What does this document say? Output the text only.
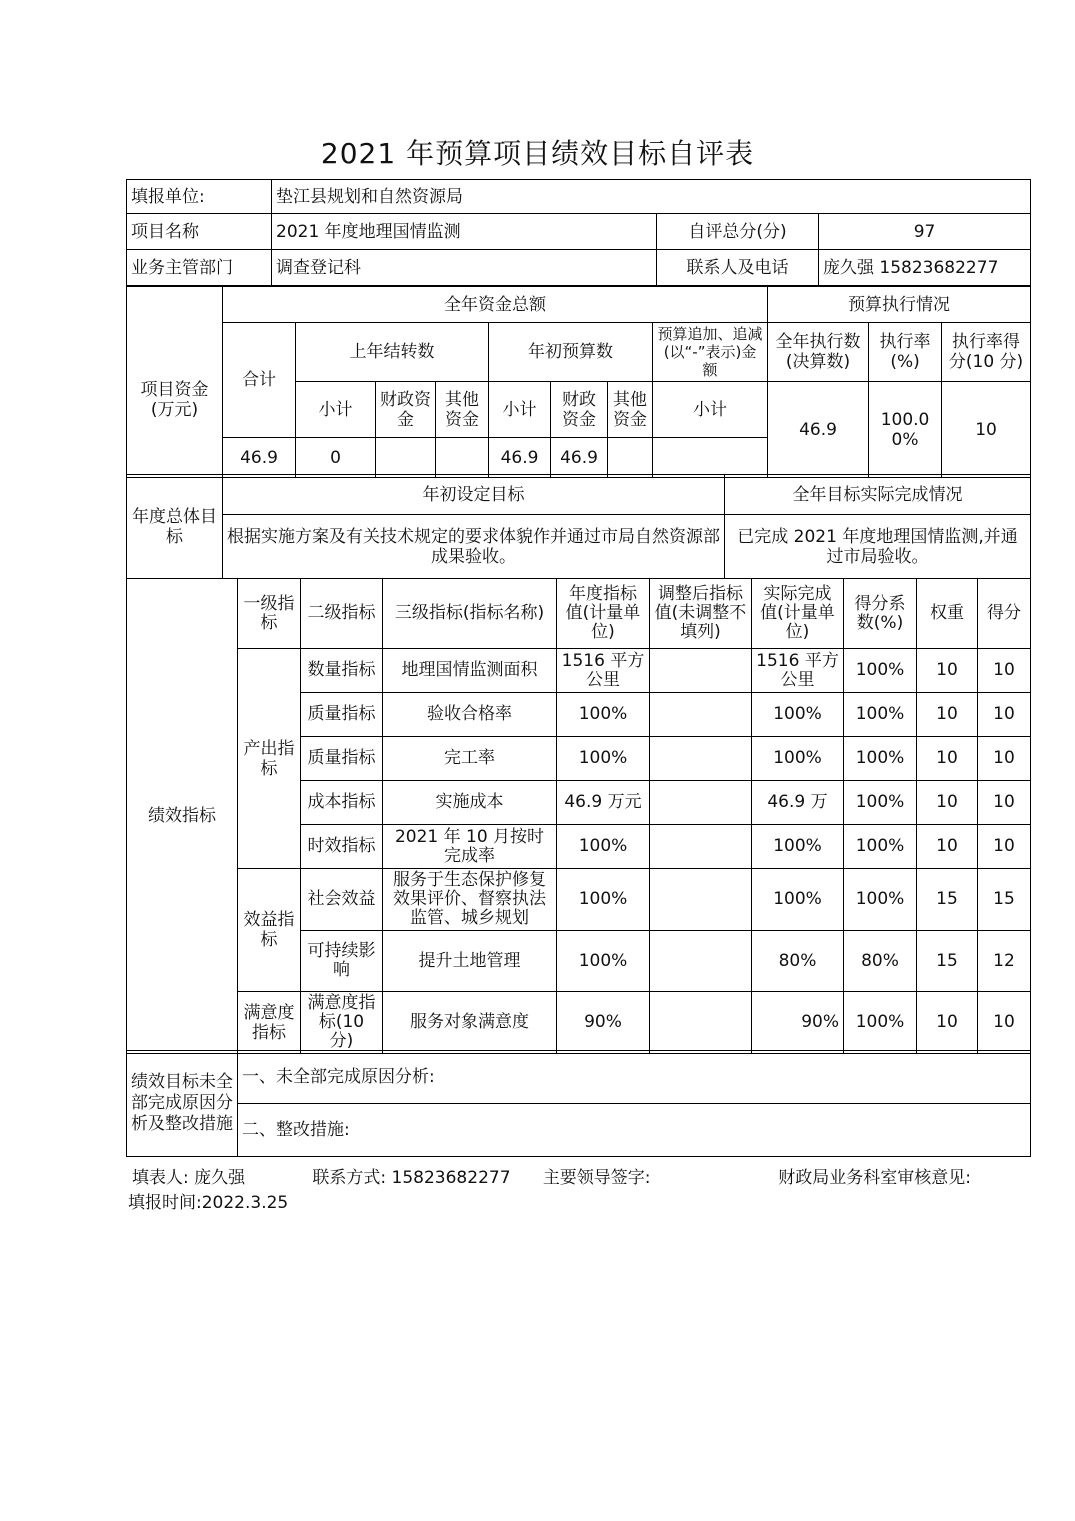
2021 年预算项目绩效目标自评表
填报单位:	垫江县规划和自然资源局		
项目名称	2021 年度地理国情监测	自评总分(分)	97
业务主管部门	调查登记科	联系人及电话	庞久强 15823682277
	全年资金总额								预算执行情况		
项目资金(万元)	合计	上年结转数			年初预算数			预算追加、追减(以“-”表示)金额	全年执行数(决算数)	执行率(%)	执行率得分(10 分)
		小计	财政资金	其他资金	小计	财政资金	其他资金	小计	46.9	100.00%	10
	46.9	0			46.9	46.9					
年度总体目标	年初设定目标	全年目标实际完成情况
	根据实施方案及有关技术规定的要求体貌作并通过市局自然资源部成果验收。	已完成 2021 年度地理国情监测,并通过市局验收。
绩效指标	一级指标	二级指标	三级指标(指标名称)	年度指标值(计量单位)	调整后指标值(未调整不填列)	实际完成值(计量单位)	得分系数(%)	权重	得分
	产出指标	数量指标	地理国情监测面积	1516 平方公里		1516 平方公里	100%	10	10
		质量指标	验收合格率	100%		100%	100%	10	10
		质量指标	完工率	100%		100%	100%	10	10
		成本指标	实施成本	46.9 万元		46.9 万	100%	10	10
		时效指标	2021 年 10 月按时完成率	100%		100%	100%	10	10
	效益指标	社会效益	服务于生态保护修复效果评价、督察执法监管、城乡规划	100%		100%	100%	15	15
		可持续影响	提升土地管理	100%		80%	80%	15	12
	满意度指标	满意度指标(10 分)	服务对象满意度	90%		90%	100%	10	10
绩效目标未全部完成原因分析及整改措施	一、未全部完成原因分析:
二、整改措施:
填表人: 庞久强	联系方式: 15823682277 主要领导签字:	财政局业务科室审核意见:
填报时间:2022.3.25
